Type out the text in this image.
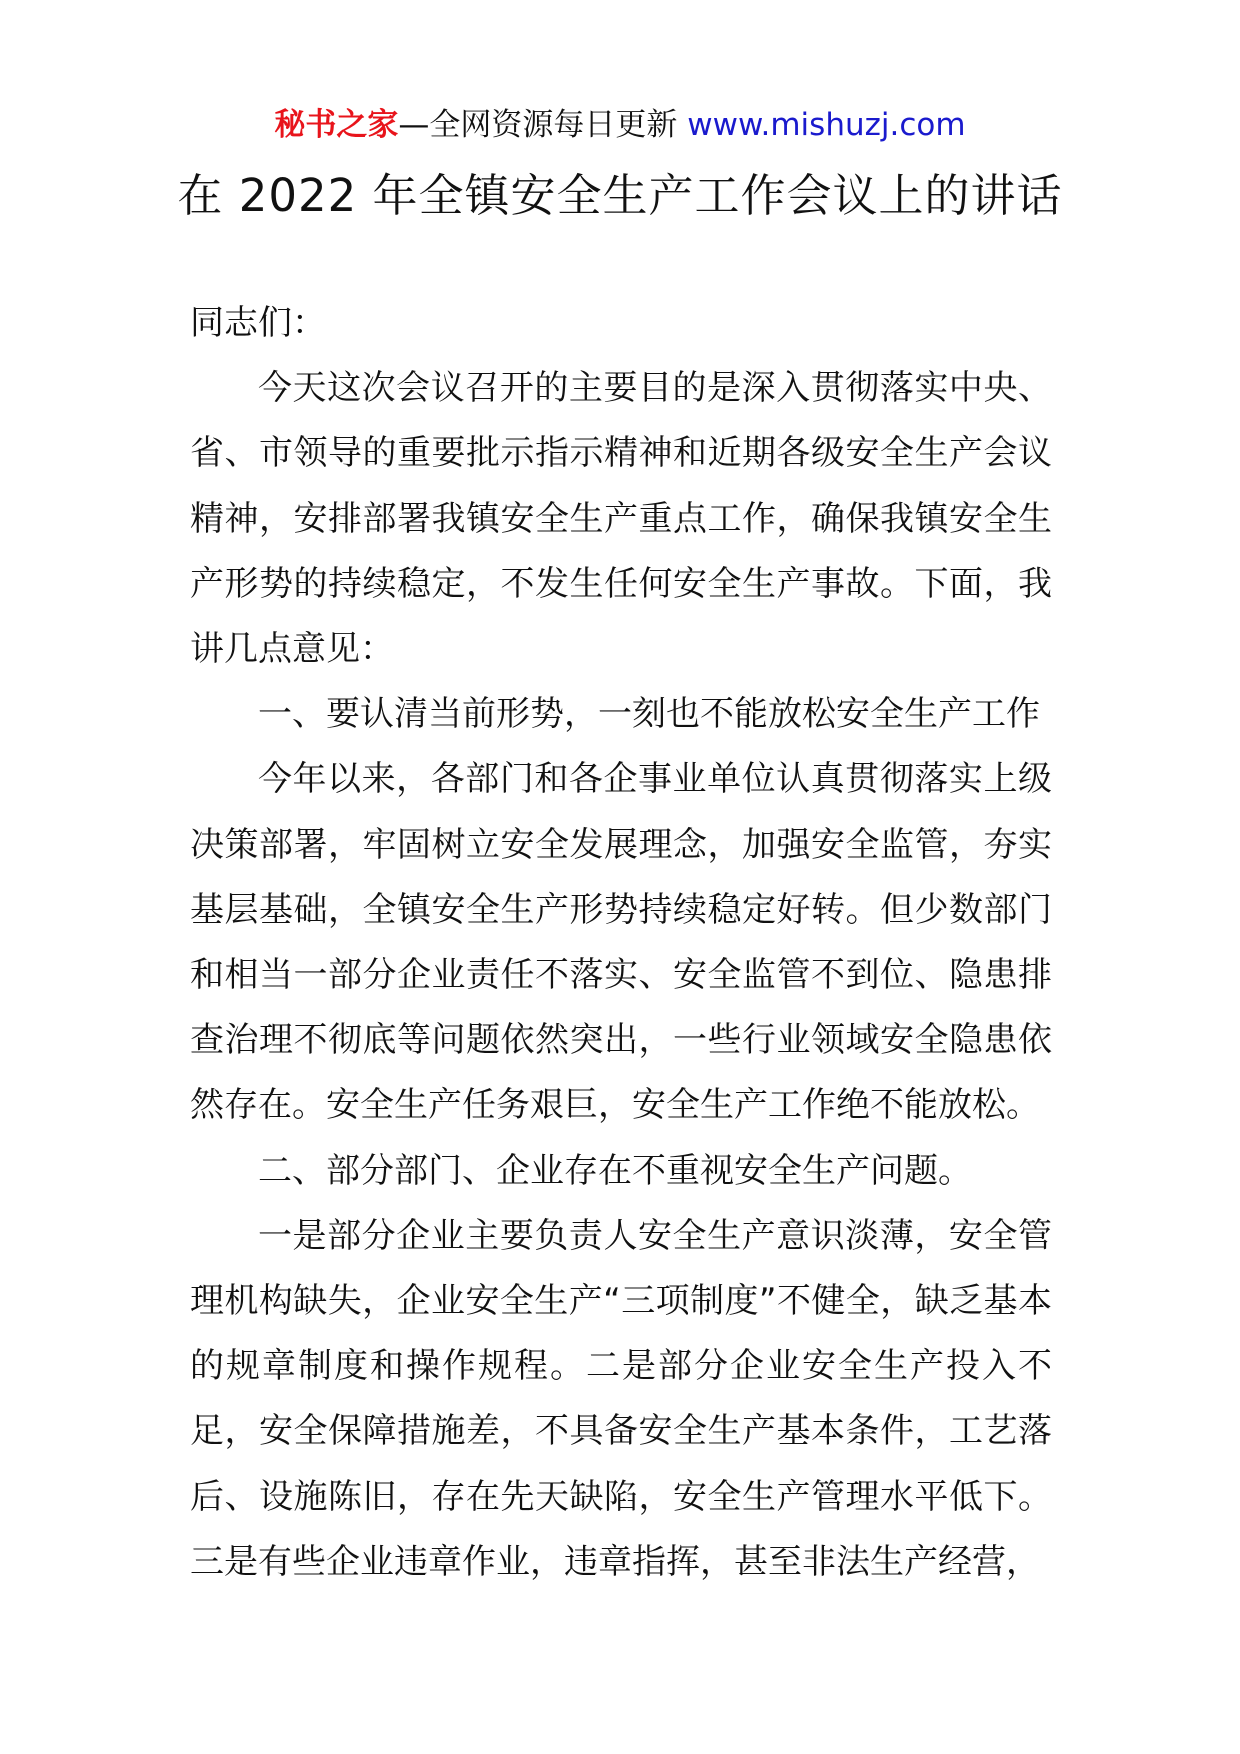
秘书之家—全网资源每日更新 www.mishuzj.com
在 2022 年全镇安全生产工作会议上的讲话

同志们：

今天这次会议召开的主要目的是深入贯彻落实中央、省、市领导的重要批示指示精神和近期各级安全生产会议精神，安排部署我镇安全生产重点工作，确保我镇安全生产形势的持续稳定，不发生任何安全生产事故。下面，我讲几点意见：

一、要认清当前形势，一刻也不能放松安全生产工作

今年以来，各部门和各企事业单位认真贯彻落实上级决策部署，牢固树立安全发展理念，加强安全监管，夯实基层基础，全镇安全生产形势持续稳定好转。但少数部门和相当一部分企业责任不落实、安全监管不到位、隐患排查治理不彻底等问题依然突出，一些行业领域安全隐患依然存在。安全生产任务艰巨，安全生产工作绝不能放松。

二、部分部门、企业存在不重视安全生产问题。

一是部分企业主要负责人安全生产意识淡薄，安全管理机构缺失，企业安全生产“三项制度”不健全，缺乏基本的规章制度和操作规程。二是部分企业安全生产投入不足，安全保障措施差，不具备安全生产基本条件，工艺落后、设施陈旧，存在先天缺陷，安全生产管理水平低下。三是有些企业违章作业，违章指挥，甚至非法生产经营，
